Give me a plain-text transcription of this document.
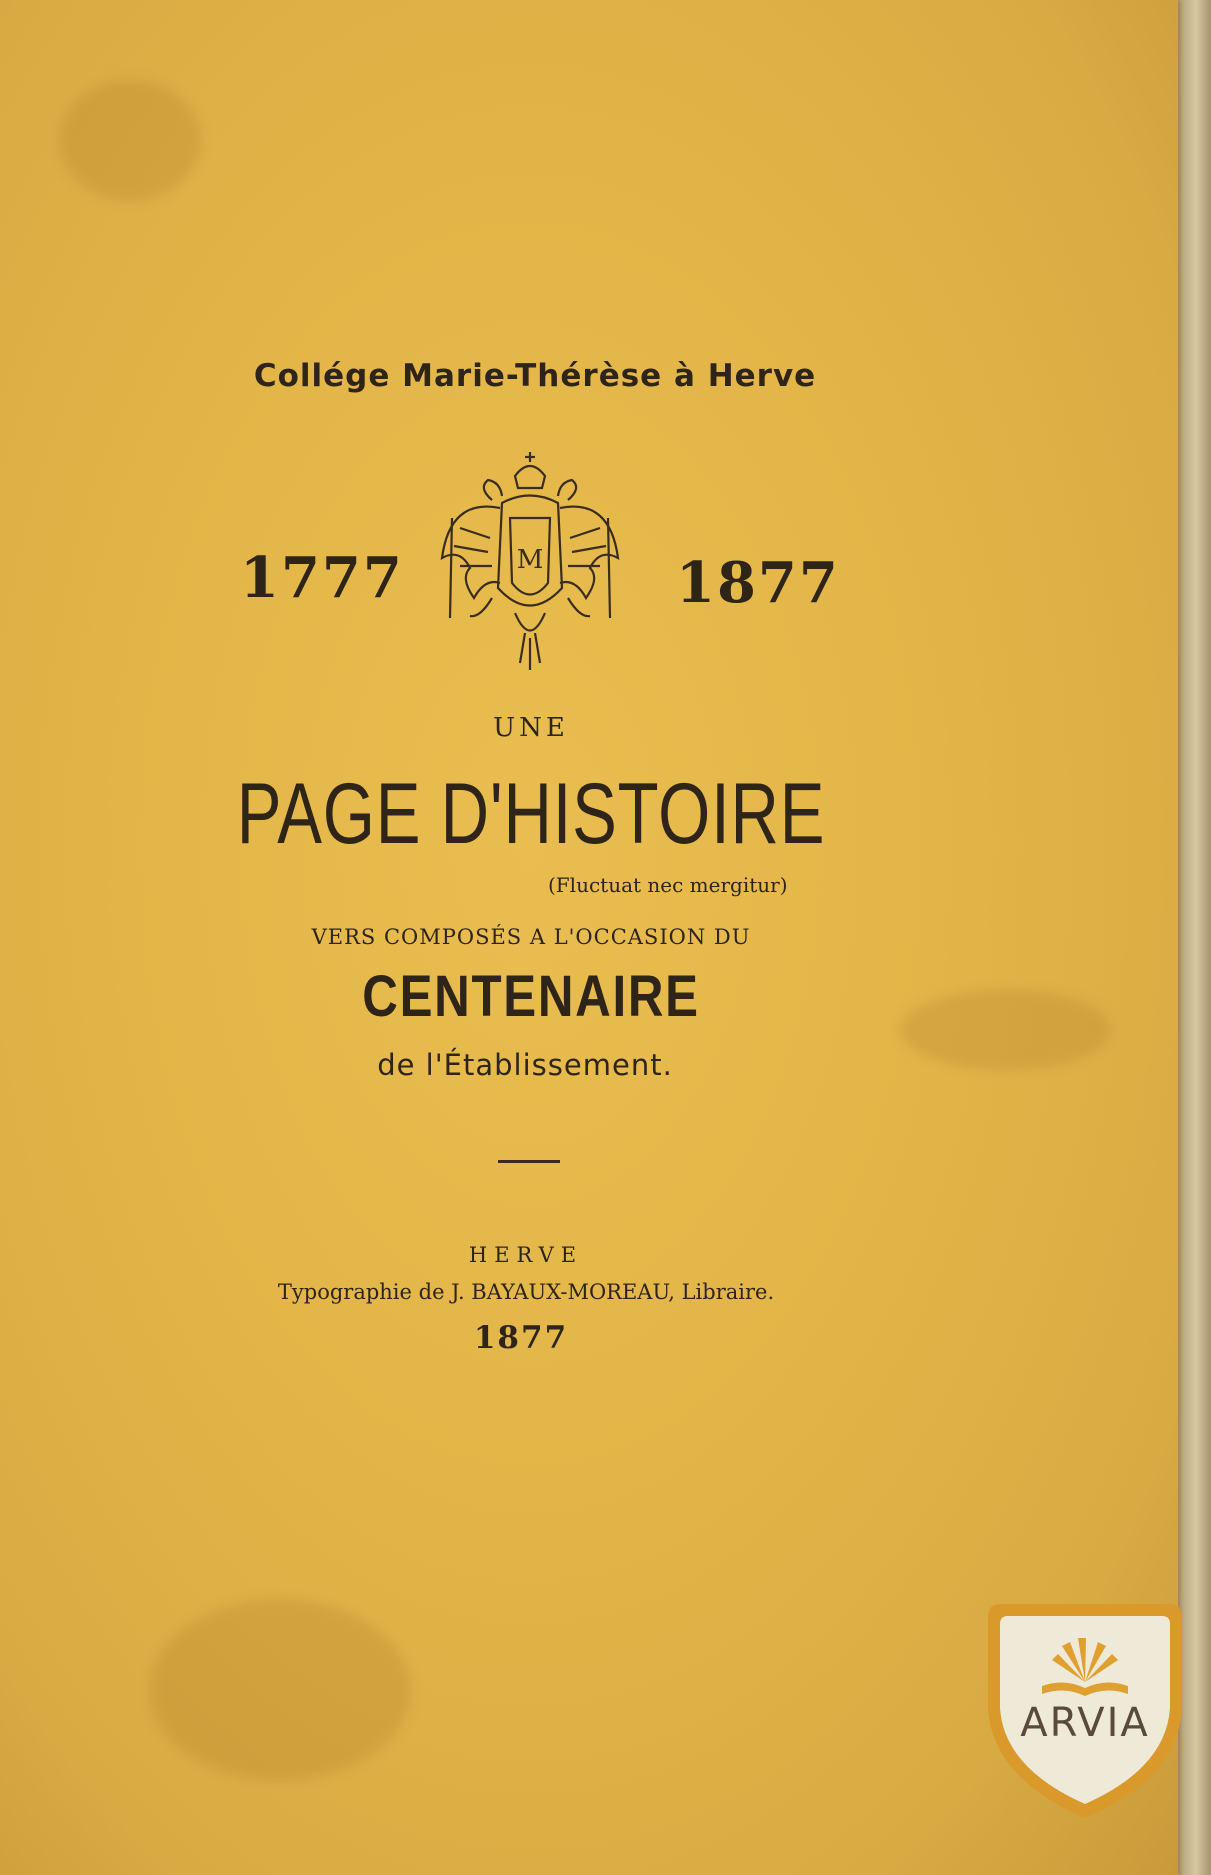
Collége Marie-Thérèse à Herve
1777	1877
M
UNE
PAGE D'HISTOIRE
(Fluctuat nec mergitur)
VERS COMPOSÉS A L'OCCASION DU
CENTENAIRE
de l'Établissement.
HERVE
Typographie de J. BAYAUX-MOREAU, Libraire.
1877
ARVIA
